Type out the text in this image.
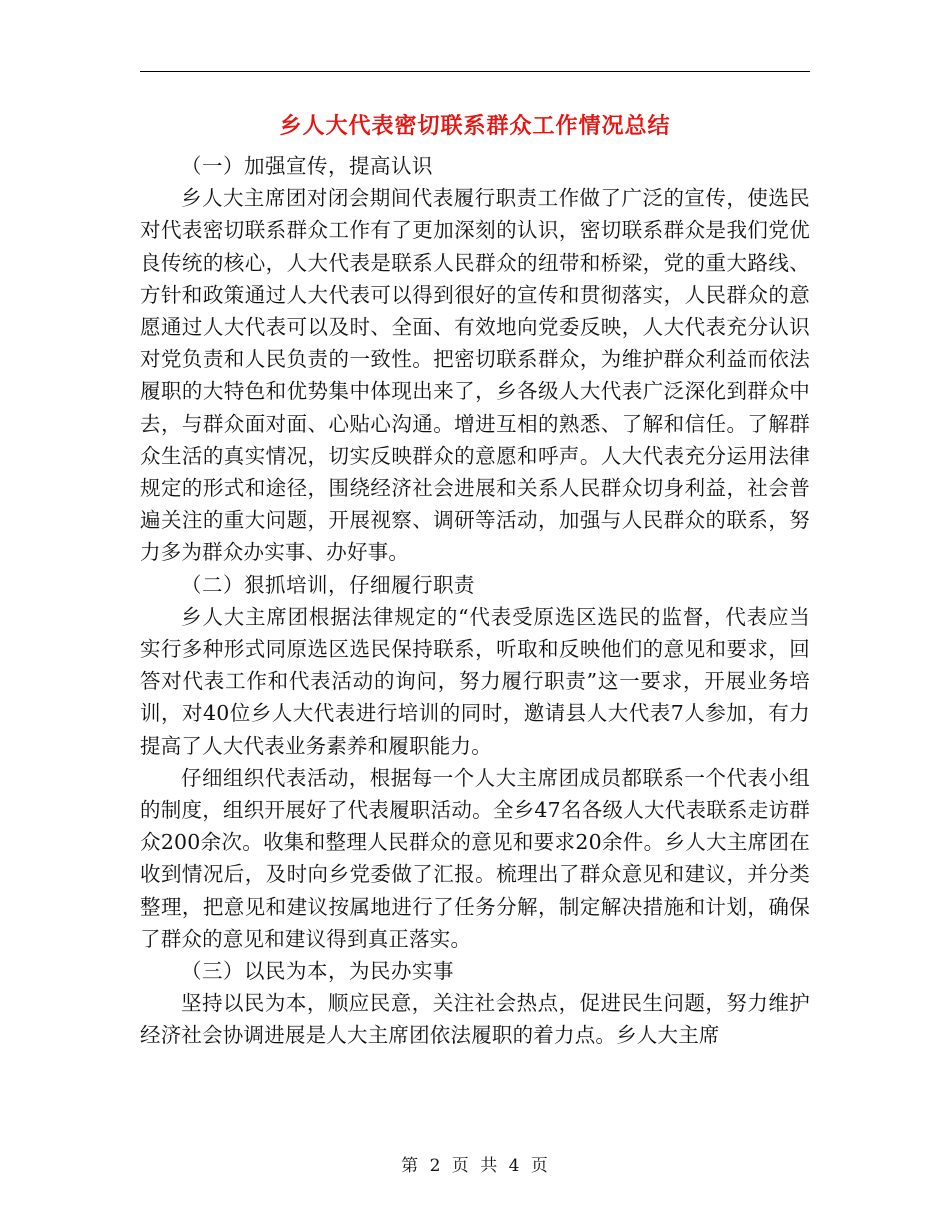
乡人大代表密切联系群众工作情况总结

（一）加强宣传，提高认识

乡人大主席团对闭会期间代表履行职责工作做了广泛的宣传，使选民对代表密切联系群众工作有了更加深刻的认识，密切联系群众是我们党优良传统的核心，人大代表是联系人民群众的纽带和桥梁，党的重大路线、方针和政策通过人大代表可以得到很好的宣传和贯彻落实，人民群众的意愿通过人大代表可以及时、全面、有效地向党委反映，人大代表充分认识对党负责和人民负责的一致性。把密切联系群众，为维护群众利益而依法履职的大特色和优势集中体现出来了，乡各级人大代表广泛深化到群众中去，与群众面对面、心贴心沟通。增进互相的熟悉、了解和信任。了解群众生活的真实情况，切实反映群众的意愿和呼声。人大代表充分运用法律规定的形式和途径，围绕经济社会进展和关系人民群众切身利益，社会普遍关注的重大问题，开展视察、调研等活动，加强与人民群众的联系，努力多为群众办实事、办好事。

（二）狠抓培训，仔细履行职责

乡人大主席团根据法律规定的“代表受原选区选民的监督，代表应当实行多种形式同原选区选民保持联系，听取和反映他们的意见和要求，回答对代表工作和代表活动的询问，努力履行职责”这一要求，开展业务培训，对40位乡人大代表进行培训的同时，邀请县人大代表7人参加，有力提高了人大代表业务素养和履职能力。

仔细组织代表活动，根据每一个人大主席团成员都联系一个代表小组的制度，组织开展好了代表履职活动。全乡47名各级人大代表联系走访群众200余次。收集和整理人民群众的意见和要求20余件。乡人大主席团在收到情况后，及时向乡党委做了汇报。梳理出了群众意见和建议，并分类整理，把意见和建议按属地进行了任务分解，制定解决措施和计划，确保了群众的意见和建议得到真正落实。

（三）以民为本，为民办实事

坚持以民为本，顺应民意，关注社会热点，促进民生问题，努力维护经济社会协调进展是人大主席团依法履职的着力点。乡人大主席

第 2 页 共 4 页
